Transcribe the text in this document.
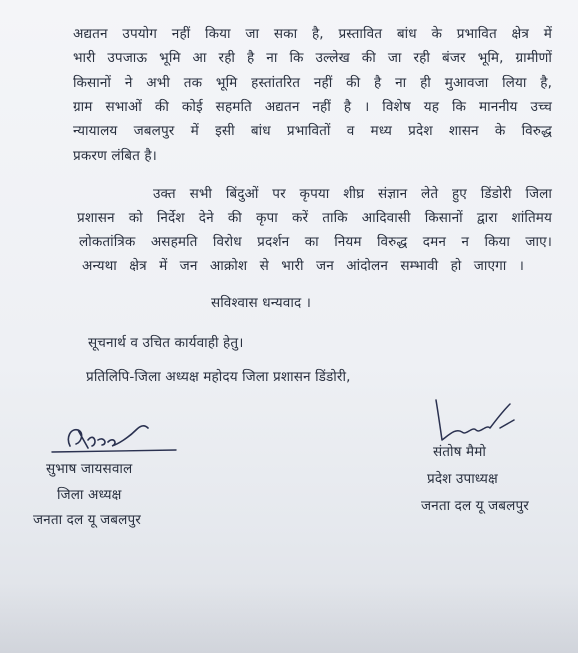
अद्यतन उपयोग नहीं किया जा सका है, प्रस्तावित बांध के प्रभावित क्षेत्र में
भारी उपजाऊ भूमि आ रही है ना कि उल्लेख की जा रही बंजर भूमि, ग्रामीणों
किसानों ने अभी तक भूमि हस्तांतरित नहीं की है ना ही मुआवजा लिया है,
ग्राम सभाओं की कोई सहमति अद्यतन नहीं है । विशेष यह कि माननीय उच्च
न्यायालय जबलपुर में इसी बांध प्रभावितों व मध्य प्रदेश शासन के विरुद्ध
प्रकरण लंबित है।
उक्त सभी बिंदुओं पर कृपया शीघ्र संज्ञान लेते हुए डिंडोरी जिला
प्रशासन को निर्देश देने की कृपा करें ताकि आदिवासी किसानों द्वारा शांतिमय
लोकतांत्रिक असहमति विरोध प्रदर्शन का नियम विरुद्ध दमन न किया जाए।
अन्यथा क्षेत्र में जन आक्रोश से भारी जन आंदोलन सम्भावी हो जाएगा ।
सविश्वास धन्यवाद ।
सूचनार्थ व उचित कार्यवाही हेतु।
प्रतिलिपि-जिला अध्यक्ष महोदय जिला प्रशासन डिंडोरी,
सुभाष जायसवाल
जिला अध्यक्ष
जनता दल यू जबलपुर
संतोष मैमो
प्रदेश उपाध्यक्ष
जनता दल यू जबलपुर
